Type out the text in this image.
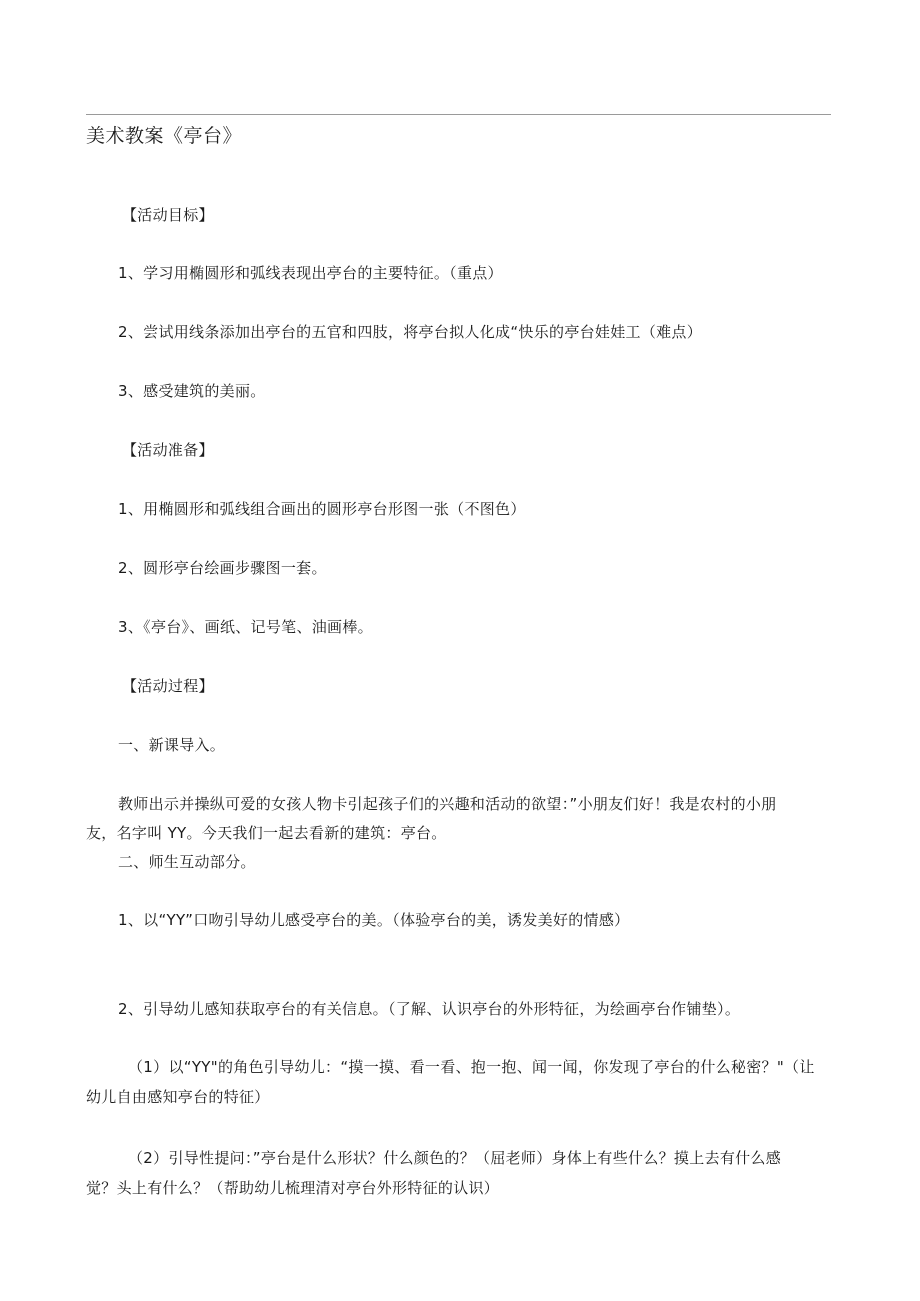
美术教案《亭台》
【活动目标】
1、学习用椭圆形和弧线表现出亭台的主要特征。（重点）
2、尝试用线条添加出亭台的五官和四肢，将亭台拟人化成“快乐的亭台娃娃工（难点）
3、感受建筑的美丽。
【活动准备】
1、用椭圆形和弧线组合画出的圆形亭台形图一张（不图色）
2、圆形亭台绘画步骤图一套。
3、《亭台》、画纸、记号笔、油画棒。
【活动过程】
一、新课导入。
教师出示并操纵可爱的女孩人物卡引起孩子们的兴趣和活动的欲望：”小朋友们好！我是农村的小朋
友，名字叫 YY。今天我们一起去看新的建筑：亭台。
二、师生互动部分。
1、以“YY”口吻引导幼儿感受亭台的美。（体验亭台的美，诱发美好的情感）
2、引导幼儿感知获取亭台的有关信息。（了解、认识亭台的外形特征，为绘画亭台作铺垫）。
（1）以“YY"的角色引导幼儿：“摸一摸、看一看、抱一抱、闻一闻，你发现了亭台的什么秘密？"（让
幼儿自由感知亭台的特征）
（2）引导性提问：”亭台是什么形状？什么颜色的？（屈老师）身体上有些什么？摸上去有什么感
觉？头上有什么？（帮助幼儿梳理清对亭台外形特征的认识）
